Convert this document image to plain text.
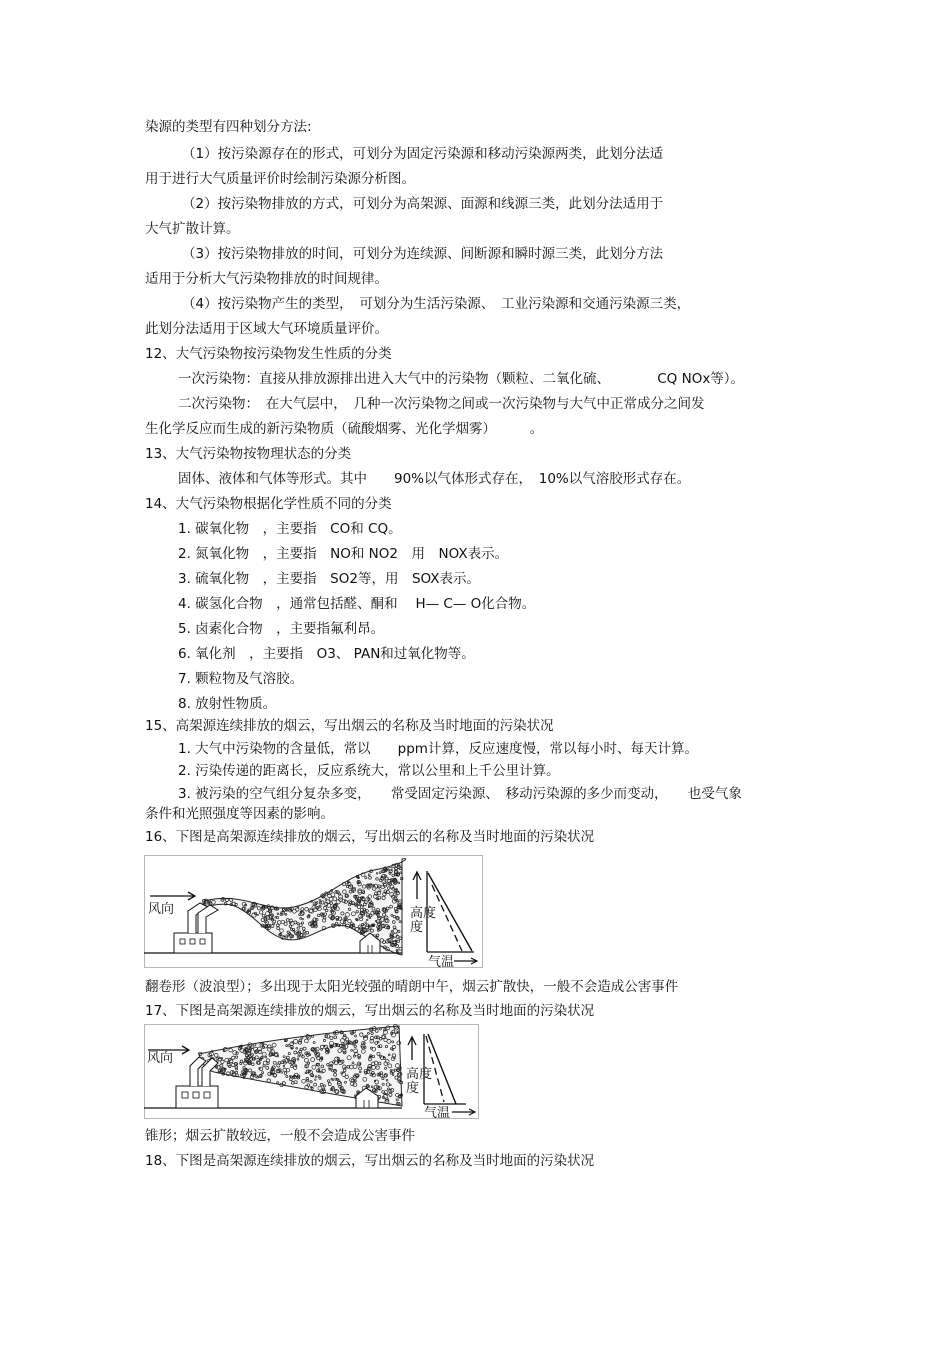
染源的类型有四种划分方法:
（1）按污染源存在的形式，可划分为固定污染源和移动污染源两类，此划分法适
用于进行大气质量评价时绘制污染源分析图。
（2）按污染物排放的方式，可划分为高架源、面源和线源三类，此划分法适用于
大气扩散计算。
（3）按污染物排放的时间，可划分为连续源、间断源和瞬时源三类，此划分方法
适用于分析大气污染物排放的时间规律。
（4）按污染物产生的类型，　可划分为生活污染源、　工业污染源和交通污染源三类，
此划分法适用于区域大气环境质量评价。
12、大气污染物按污染物发生性质的分类
一次污染物：直接从排放源排出进入大气中的污染物（颗粒、二氧化硫、　　　　CQ NOx等）。
二次污染物：　在大气层中，　几种一次污染物之间或一次污染物与大气中正常成分之间发
生化学反应而生成的新污染物质（硫酸烟雾、光化学烟雾）　　　。
13、大气污染物按物理状态的分类
固体、液体和气体等形式。其中　　90%以气体形式存在，　10%以气溶胶形式存在。
14、大气污染物根据化学性质不同的分类
1. 碳氧化物　，主要指　CO和 CQ。
2. 氮氧化物　，主要指　NO和 NO2　用　NOX表示。
3. 硫氧化物　，主要指　SO2等，用　SOX表示。
4. 碳氢化合物　，通常包括醛、酮和　 H— C— O化合物。
5. 卤素化合物　，主要指氟利昂。
6. 氧化剂　，主要指　O3、 PAN和过氧化物等。
7. 颗粒物及气溶胶。
8. 放射性物质。
15、高架源连续排放的烟云，写出烟云的名称及当时地面的污染状况
1. 大气中污染物的含量低，常以　　ppm计算，反应速度慢，常以每小时、每天计算。
2. 污染传递的距离长，反应系统大，常以公里和上千公里计算。
3. 被污染的空气组分复杂多变，　　常受固定污染源、　移动污染源的多少而变动，　　也受气象
条件和光照强度等因素的影响。
16、下图是高架源连续排放的烟云，写出烟云的名称及当时地面的污染状况
风向	高度
度
气温
翻卷形（波浪型）；多出现于太阳光较强的晴朗中午，烟云扩散快，一般不会造成公害事件
17、下图是高架源连续排放的烟云，写出烟云的名称及当时地面的污染状况
风向
高度
度
气温
锥形；烟云扩散较远，一般不会造成公害事件
18、下图是高架源连续排放的烟云，写出烟云的名称及当时地面的污染状况
